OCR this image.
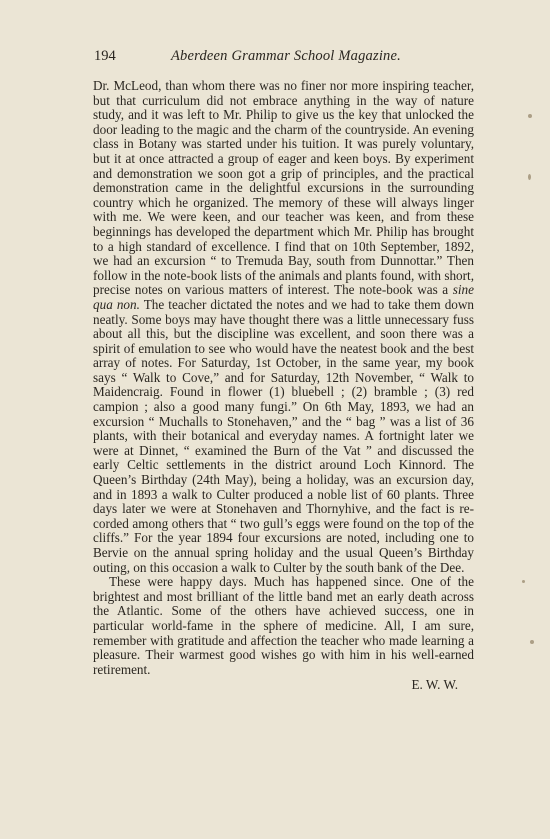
194	Aberdeen Grammar School Magazine.

Dr. McLeod, than whom there was no finer nor more inspiring teacher, but that curriculum did not embrace anything in the way of nature study, and it was left to Mr. Philip to give us the key that unlocked the door leading to the magic and the charm of the countryside. An evening class in Botany was started under his tuition. It was purely voluntary, but it at once attracted a group of eager and keen boys. By experiment and demonstration we soon got a grip of principles, and the practical demonstration came in the delightful excursions in the surrounding country which he organized. The memory of these will always linger with me. We were keen, and our teacher was keen, and from these beginnings has developed the department which Mr. Philip has brought to a high standard of excellence. I find that on 10th September, 1892, we had an excursion “ to Tremuda Bay, south from Dunnottar.” Then follow in the note-book lists of the animals and plants found, with short, precise notes on various matters of interest. The note-book was a sine qua non. The teacher dictated the notes and we had to take them down neatly. Some boys may have thought there was a little unnecessary fuss about all this, but the discipline was excellent, and soon there was a spirit of emulation to see who would have the neatest book and the best array of notes. For Saturday, 1st October, in the same year, my book says “ Walk to Cove,” and for Saturday, 12th November, “ Walk to Maidencraig. Found in flower (1) bluebell ; (2) bramble ; (3) red campion ; also a good many fungi.” On 6th May, 1893, we had an excursion “ Muchalls to Stonehaven,” and the “ bag ” was a list of 36 plants, with their botanical and everyday names. A fortnight later we were at Dinnet, “ examined the Burn of the Vat ” and discussed the early Celtic settlements in the district around Loch Kinnord. The Queen’s Birthday (24th May), being a holiday, was an excursion day, and in 1893 a walk to Culter produced a noble list of 60 plants. Three days later we were at Stonehaven and Thornyhive, and the fact is recorded among others that “ two gull’s eggs were found on the top of the cliffs.” For the year 1894 four excursions are noted, including one to Bervie on the annual spring holiday and the usual Queen’s Birthday outing, on this occasion a walk to Culter by the south bank of the Dee.

These were happy days. Much has happened since. One of the brightest and most brilliant of the little band met an early death across the Atlantic. Some of the others have achieved success, one in particular world-fame in the sphere of medicine. All, I am sure, remember with gratitude and affection the teacher who made learning a pleasure. Their warmest good wishes go with him in his well-earned retirement.

E. W. W.
